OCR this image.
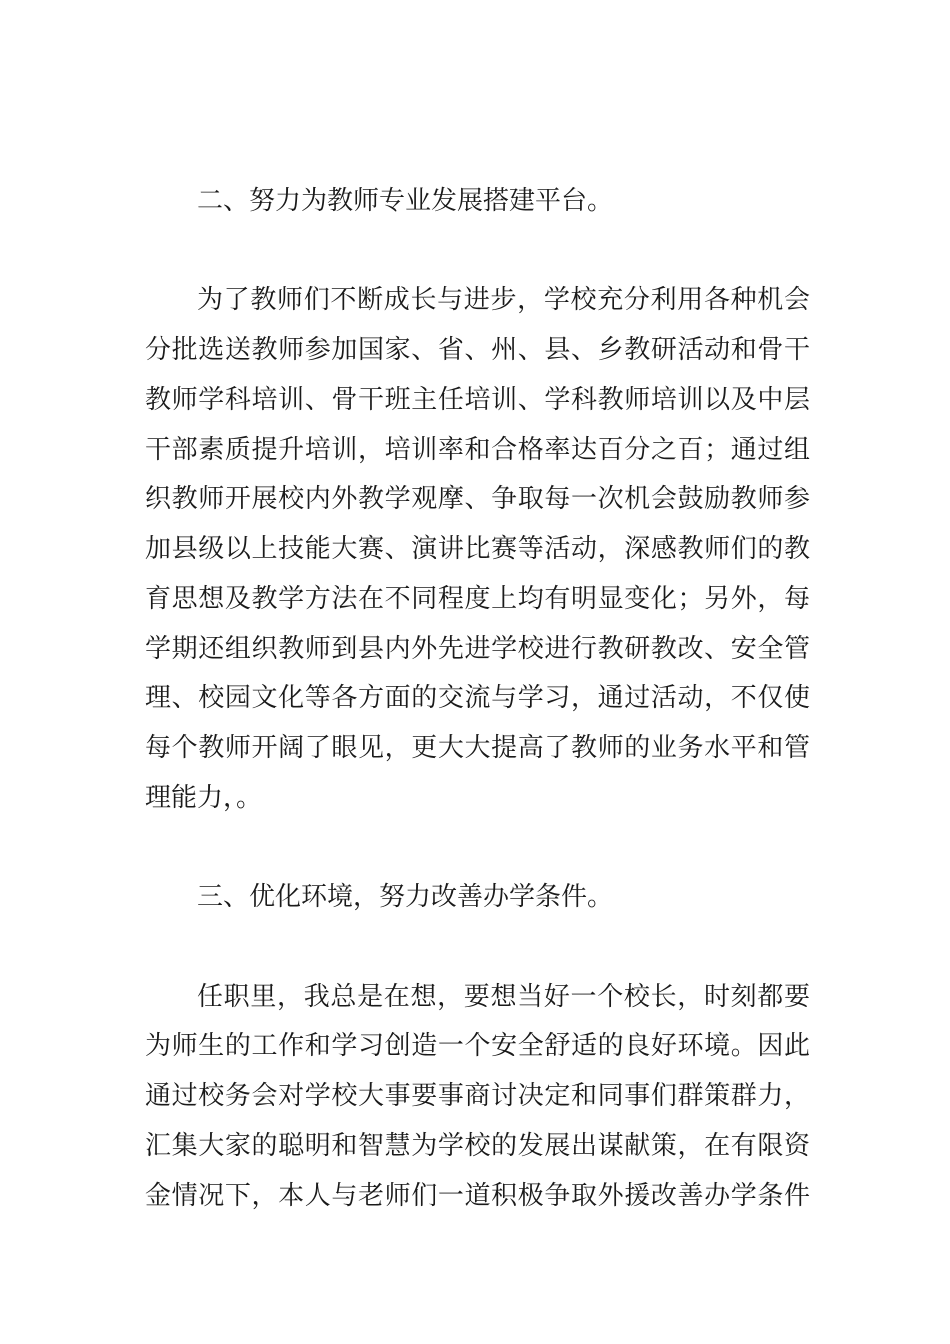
二、努力为教师专业发展搭建平台。
为了教师们不断成长与进步，学校充分利用各种机会
分批选送教师参加国家、省、州、县、乡教研活动和骨干
教师学科培训、骨干班主任培训、学科教师培训以及中层
干部素质提升培训，培训率和合格率达百分之百；通过组
织教师开展校内外教学观摩、争取每一次机会鼓励教师参
加县级以上技能大赛、演讲比赛等活动，深感教师们的教
育思想及教学方法在不同程度上均有明显变化；另外，每
学期还组织教师到县内外先进学校进行教研教改、安全管
理、校园文化等各方面的交流与学习，通过活动，不仅使
每个教师开阔了眼见，更大大提高了教师的业务水平和管
理能力，。
三、优化环境，努力改善办学条件。
任职里，我总是在想，要想当好一个校长，时刻都要
为师生的工作和学习创造一个安全舒适的良好环境。因此
通过校务会对学校大事要事商讨决定和同事们群策群力，
汇集大家的聪明和智慧为学校的发展出谋献策，在有限资
金情况下，本人与老师们一道积极争取外援改善办学条件
